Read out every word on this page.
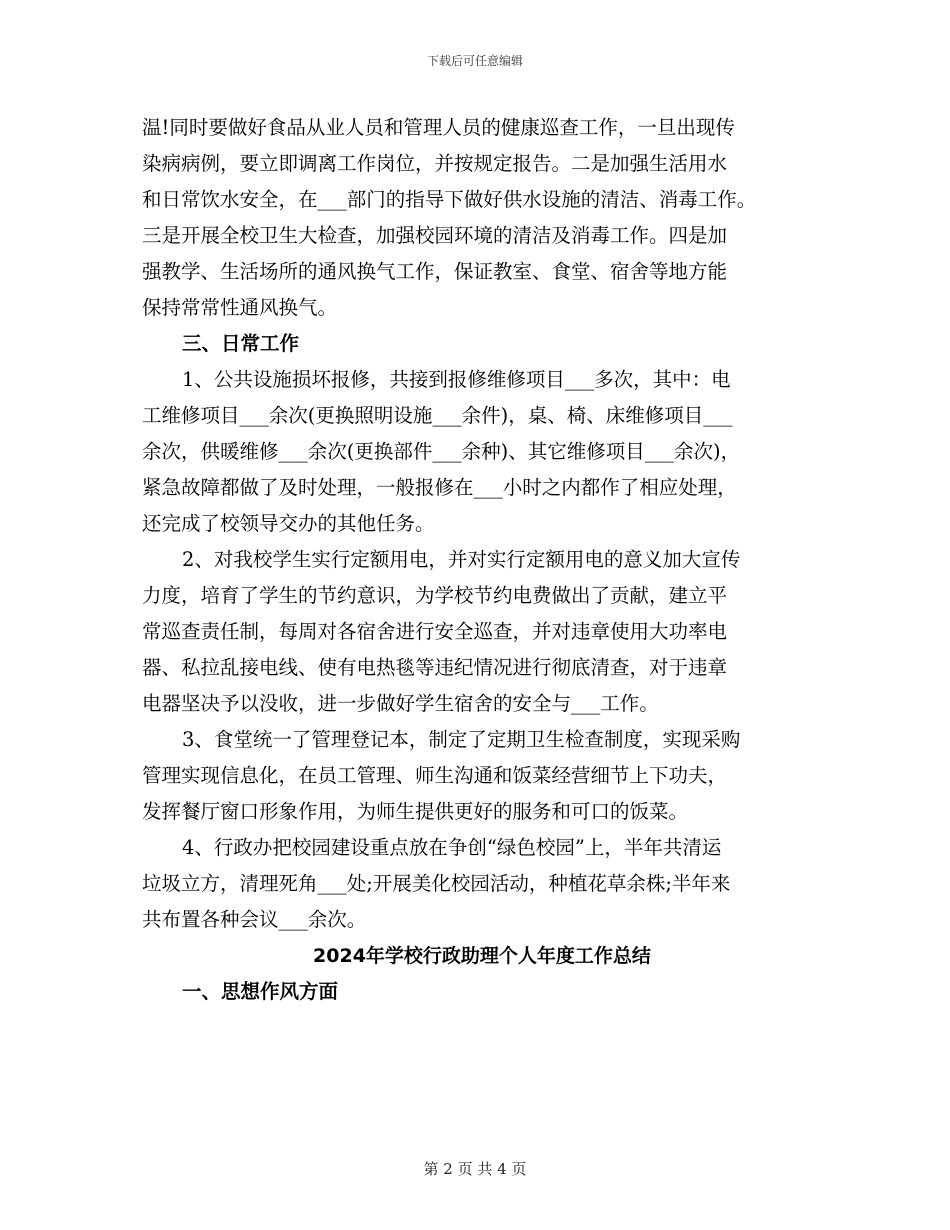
下载后可任意编辑
温!同时要做好食品从业人员和管理人员的健康巡查工作，一旦出现传
染病病例，要立即调离工作岗位，并按规定报告。二是加强生活用水
和日常饮水安全，在___部门的指导下做好供水设施的清洁、消毒工作。
三是开展全校卫生大检查，加强校园环境的清洁及消毒工作。四是加
强教学、生活场所的通风换气工作，保证教室、食堂、宿舍等地方能
保持常常性通风换气。
三、日常工作
1、公共设施损坏报修，共接到报修维修项目___多次，其中：电
工维修项目___余次(更换照明设施___余件)，桌、椅、床维修项目___
余次，供暖维修___余次(更换部件___余种)、其它维修项目___余次)，
紧急故障都做了及时处理，一般报修在___小时之内都作了相应处理，
还完成了校领导交办的其他任务。
2、对我校学生实行定额用电，并对实行定额用电的意义加大宣传
力度，培育了学生的节约意识，为学校节约电费做出了贡献，建立平
常巡查责任制，每周对各宿舍进行安全巡查，并对违章使用大功率电
器、私拉乱接电线、使有电热毯等违纪情况进行彻底清查，对于违章
电器坚决予以没收，进一步做好学生宿舍的安全与___工作。
3、食堂统一了管理登记本，制定了定期卫生检查制度，实现采购
管理实现信息化，在员工管理、师生沟通和饭菜经营细节上下功夫，
发挥餐厅窗口形象作用，为师生提供更好的服务和可口的饭菜。
4、行政办把校园建设重点放在争创“绿色校园”上，半年共清运
垃圾立方，清理死角___处;开展美化校园活动，种植花草余株;半年来
共布置各种会议___余次。
2024年学校行政助理个人年度工作总结
一、思想作风方面
第 2 页 共 4 页
